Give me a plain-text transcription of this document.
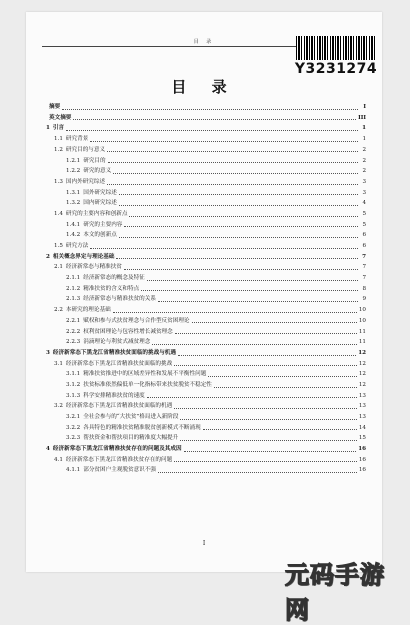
目 录
Y3231274
目 录
摘要	I
英文摘要	III
1 引言	1
1.1 研究背景	1
1.2 研究目的与意义	2
1.2.1 研究目的	2
1.2.2 研究的意义	2
1.3 国内外研究综述	3
1.3.1 国外研究综述	3
1.3.2 国内研究综述	4
1.4 研究的主要内容和创新点	5
1.4.1 研究的主要内容	5
1.4.2 本文的创新点	6
1.5 研究方法	6
2 相关概念界定与理论基础	7
2.1 经济新常态与精准扶贫	7
2.1.1 经济新常态的概念及特征	7
2.1.2 精准扶贫的含义和特点	8
2.1.3 经济新常态与精准扶贫的关系	9
2.2 本研究的理论基础	10
2.2.1 赋权和参与式扶贫理念与合作型反贫困理论	10
2.2.2 权利贫困理论与包容性增长减贫理念	11
2.2.3 涓滴理论与利贫式减贫理念	11
3 经济新常态下黑龙江省精准扶贫面临的挑战与机遇	12
3.1 经济新常态下黑龙江省精准扶贫面临的挑战	12
3.1.1 精准扶贫推进中的区域差异性和发展不平衡性问题	12
3.1.2 扶贫标准依然偏低单一化指标带来扶贫脱贫不稳定性	12
3.1.3 科学安排精准扶贫的速度	13
3.2 经济新常态下黑龙江省精准扶贫面临的机遇	13
3.2.1 全社会参与的“大扶贫”格局进入新阶段	13
3.2.2 各具特色的精准扶贫精准脱贫创新模式不断涌现	14
3.2.3 帮扶资金和帮扶项目的精准度大幅提升	15
4 经济新常态下黑龙江省精准扶贫存在的问题及其成因	16
4.1 经济新常态下黑龙江省精准扶贫存在的问题	16
4.1.1 部分贫困户主观脱贫意识不强	16
I
元码手游网
